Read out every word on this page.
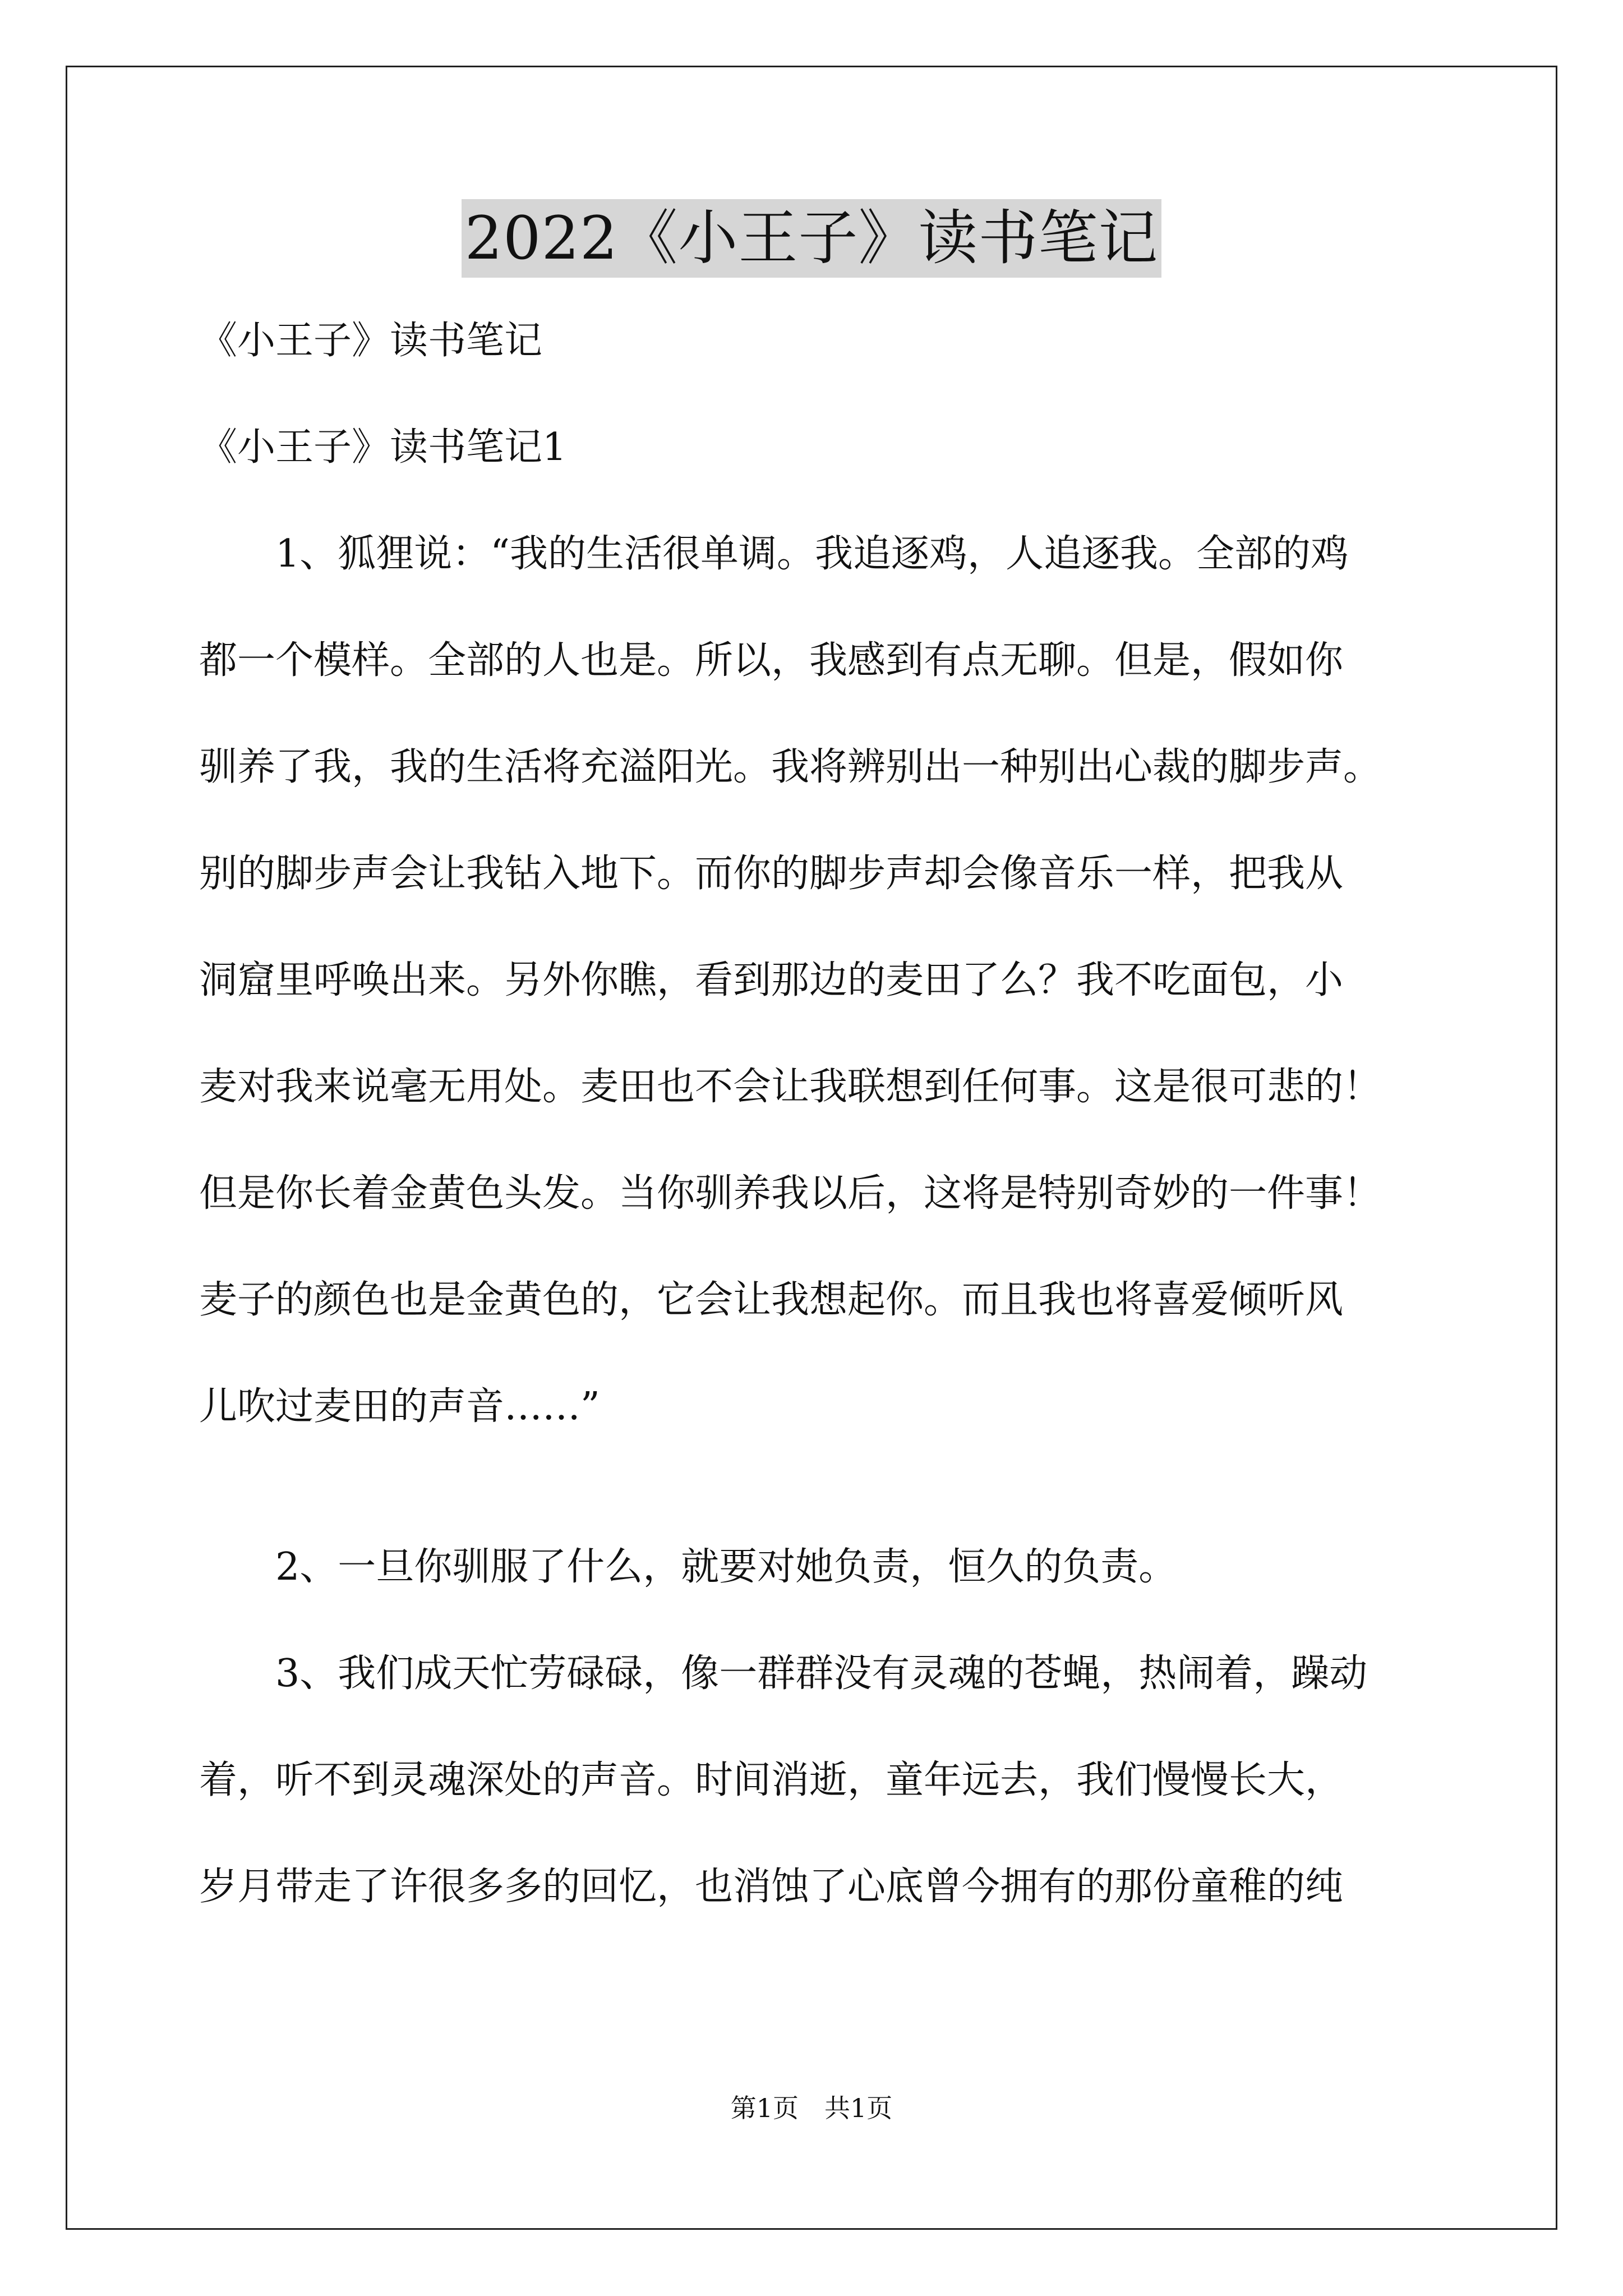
2022《小王子》读书笔记
《小王子》读书笔记
《小王子》读书笔记1
1、狐狸说：“我的生活很单调。我追逐鸡，人追逐我。全部的鸡
都一个模样。全部的人也是。所以，我感到有点无聊。但是，假如你
驯养了我，我的生活将充溢阳光。我将辨别出一种别出心裁的脚步声。
别的脚步声会让我钻入地下。而你的脚步声却会像音乐一样，把我从
洞窟里呼唤出来。另外你瞧，看到那边的麦田了么？我不吃面包，小
麦对我来说毫无用处。麦田也不会让我联想到任何事。这是很可悲的！
但是你长着金黄色头发。当你驯养我以后，这将是特别奇妙的一件事！
麦子的颜色也是金黄色的，它会让我想起你。而且我也将喜爱倾听风
儿吹过麦田的声音……”
2、一旦你驯服了什么，就要对她负责，恒久的负责。
3、我们成天忙劳碌碌，像一群群没有灵魂的苍蝇，热闹着，躁动
着，听不到灵魂深处的声音。时间消逝，童年远去，我们慢慢长大，
岁月带走了许很多多的回忆，也消蚀了心底曾今拥有的那份童稚的纯
第1页 共1页
